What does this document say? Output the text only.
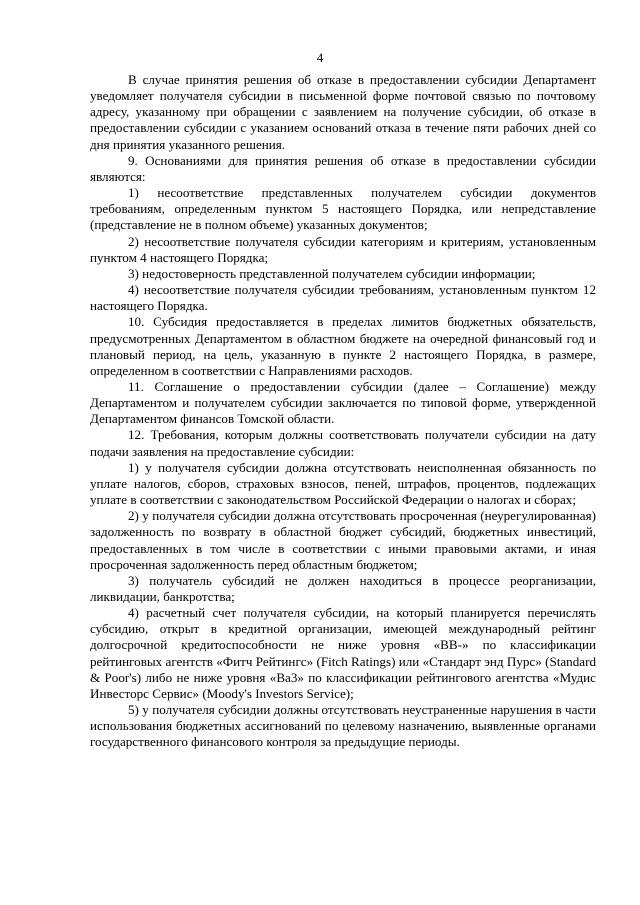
4

В случае принятия решения об отказе в предоставлении субсидии Департамент уведомляет получателя субсидии в письменной форме почтовой связью по почтовому адресу, указанному при обращении с заявлением на получение субсидии, об отказе в предоставлении субсидии с указанием оснований отказа в течение пяти рабочих дней со дня принятия указанного решения.

9. Основаниями для принятия решения об отказе в предоставлении субсидии являются:

1) несоответствие представленных получателем субсидии документов требованиям, определенным пунктом 5 настоящего Порядка, или непредставление (представление не в полном объеме) указанных документов;

2) несоответствие получателя субсидии категориям и критериям, установленным пунктом 4 настоящего Порядка;

3) недостоверность представленной получателем субсидии информации;

4) несоответствие получателя субсидии требованиям, установленным пунктом 12 настоящего Порядка.

10. Субсидия предоставляется в пределах лимитов бюджетных обязательств, предусмотренных Департаментом в областном бюджете на очередной финансовый год и плановый период, на цель, указанную в пункте 2 настоящего Порядка, в размере, определенном в соответствии с Направлениями расходов.

11. Соглашение о предоставлении субсидии (далее – Соглашение) между Департаментом и получателем субсидии заключается по типовой форме, утвержденной Департаментом финансов Томской области.

12. Требования, которым должны соответствовать получатели субсидии на дату подачи заявления на предоставление субсидии:

1) у получателя субсидии должна отсутствовать неисполненная обязанность по уплате налогов, сборов, страховых взносов, пеней, штрафов, процентов, подлежащих уплате в соответствии с законодательством Российской Федерации о налогах и сборах;

2) у получателя субсидии должна отсутствовать просроченная (неурегулированная) задолженность по возврату в областной бюджет субсидий, бюджетных инвестиций, предоставленных в том числе в соответствии с иными правовыми актами, и иная просроченная задолженность перед областным бюджетом;

3) получатель субсидий не должен находиться в процессе реорганизации, ликвидации, банкротства;

4) расчетный счет получателя субсидии, на который планируется перечислять субсидию, открыт в кредитной организации, имеющей международный рейтинг долгосрочной кредитоспособности не ниже уровня «BB-» по классификации рейтинговых агентств «Фитч Рейтингс» (Fitch Ratings) или «Стандарт энд Пурс» (Standard & Poor's) либо не ниже уровня «Ba3» по классификации рейтингового агентства «Мудис Инвесторс Сервис» (Moody's Investors Service);

5) у получателя субсидии должны отсутствовать неустраненные нарушения в части использования бюджетных ассигнований по целевому назначению, выявленные органами государственного финансового контроля за предыдущие периоды.
